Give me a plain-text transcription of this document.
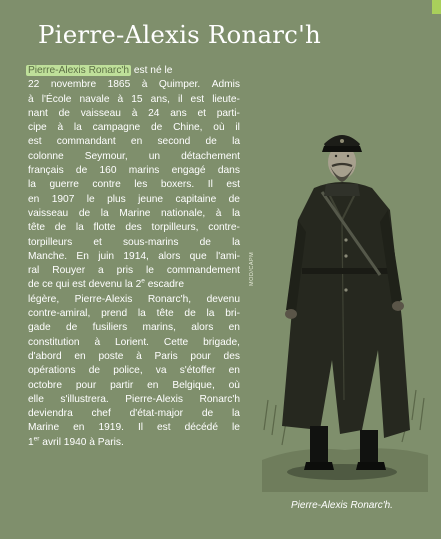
Pierre-Alexis Ronarc'h
Pierre-Alexis Ronarc'h est né le
22 novembre 1865 à Quimper. Admis
à l'École navale à 15 ans, il est lieute-
nant de vaisseau à 24 ans et parti-
cipe à la campagne de Chine, où il
est commandant en second de la
colonne Seymour, un détachement
français de 160 marins engagé dans
la guerre contre les boxers. Il est
en 1907 le plus jeune capitaine de
vaisseau de la Marine nationale, à la
tête de la flotte des torpilleurs, contre-
torpilleurs et sous-marins de la
Manche. En juin 1914, alors que l'ami-
ral Rouyer a pris le commandement
de ce qui est devenu la 2e escadre
légère, Pierre-Alexis Ronarc'h, devenu
contre-amiral, prend la tête de la bri-
gade de fusiliers marins, alors en
constitution à Lorient. Cette brigade,
d'abord en poste à Paris pour des
opérations de police, va s'étoffer en
octobre pour partir en Belgique, où
elle s'illustrera. Pierre-Alexis Ronarc'h
deviendra chef d'état-major de la
Marine en 1919. Il est décédé le
1er avril 1940 à Paris.
MOD/CAPM
Pierre-Alexis Ronarc'h.
